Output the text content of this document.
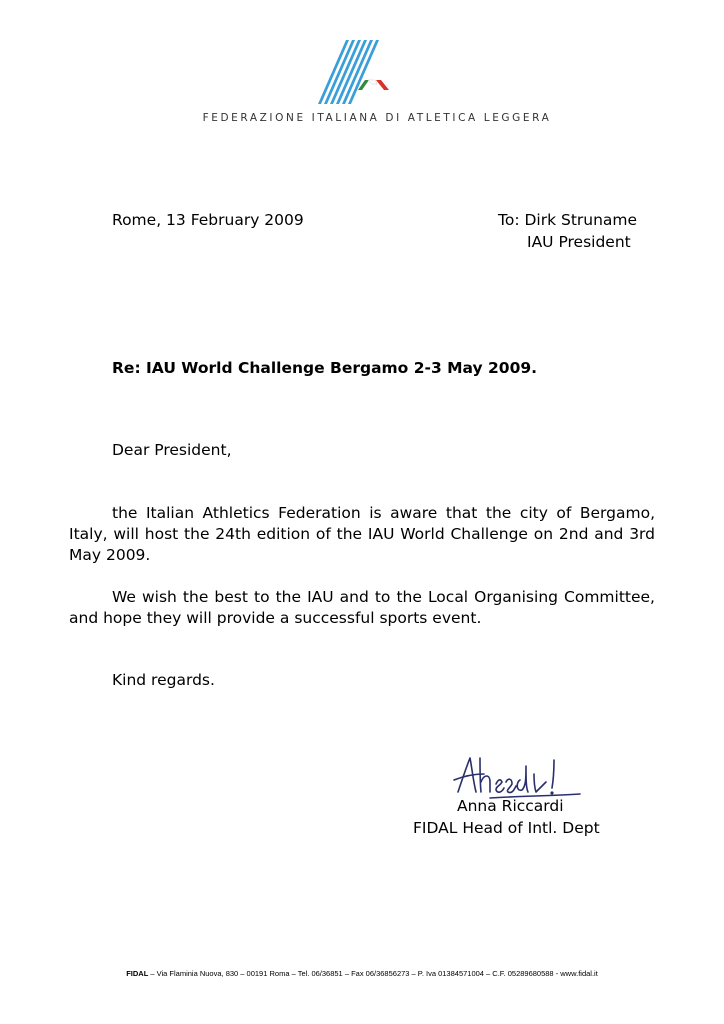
FEDERAZIONE ITALIANA DI ATLETICA LEGGERA
Rome, 13 February 2009	To: Dirk Struname
IAU President
Re: IAU World Challenge Bergamo 2-3 May 2009.
Dear President,
the Italian Athletics Federation is aware that the city of Bergamo, Italy, will host the 24th edition of the IAU World Challenge on 2nd and 3rd May 2009.
We wish the best to the IAU and to the Local Organising Committee, and hope they will provide a successful sports event.
Kind regards.
Anna Riccardi
FIDAL Head of Intl. Dept
FIDAL – Via Flaminia Nuova, 830 – 00191 Roma – Tel. 06/36851 – Fax 06/36856273 – P. Iva 01384571004 – C.F. 05289680588 - www.fidal.it
